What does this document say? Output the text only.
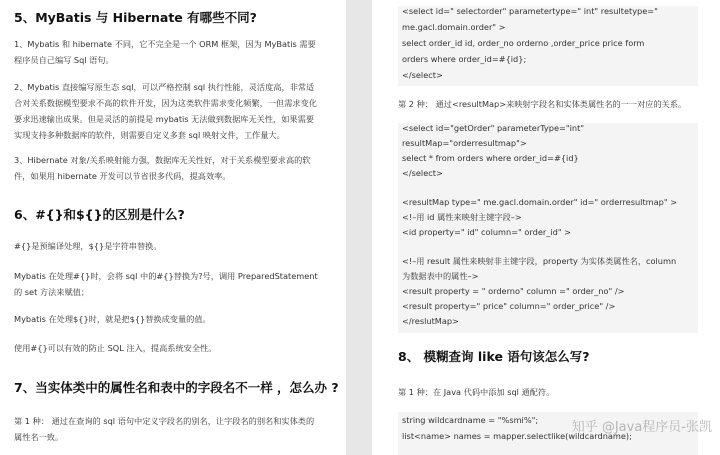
5、MyBatis 与 Hibernate 有哪些不同?
1、Mybatis 和 hibernate 不同，它不完全是一个 ORM 框架，因为 MyBatis 需要程序员自己编写 Sql 语句。
2、Mybatis 直接编写原生态 sql，可以严格控制 sql 执行性能，灵活度高，非常适合对关系数据模型要求不高的软件开发，因为这类软件需求变化频繁，一但需求变化要求迅速输出成果。但是灵活的前提是 mybatis 无法做到数据库无关性，如果需要实现支持多种数据库的软件，则需要自定义多套 sql 映射文件，工作量大。
3、Hibernate 对象/关系映射能力强，数据库无关性好，对于关系模型要求高的软件，如果用 hibernate 开发可以节省很多代码，提高效率。
6、#{}和${}的区别是什么?
#{}是预编译处理，${}是字符串替换。
Mybatis 在处理#{}时，会将 sql 中的#{}替换为?号，调用 PreparedStatement 的 set 方法来赋值；
Mybatis 在处理${}时，就是把${}替换成变量的值。
使用#{}可以有效的防止 SQL 注入，提高系统安全性。
7、当实体类中的属性名和表中的字段名不一样 ，怎么办 ?
第 1 种： 通过在查询的 sql 语句中定义字段名的别名，让字段名的别名和实体类的属性名一致。
<select id=" selectorder" parametertype=" int" resultetype="
me.gacl.domain.order" >
select order_id id, order_no orderno ,order_price price form
orders where order_id=#{id};
</select>
第 2 种： 通过<resultMap>来映射字段名和实体类属性名的一一对应的关系。
<select id="getOrder" parameterType="int"
resultMap="orderresultmap">
select * from orders where order_id=#{id}
</select>
<resultMap type=" me.gacl.domain.order" id=" orderresultmap" >
<!–用 id 属性来映射主键字段–>
<id property=" id" column=" order_id" >
<!–用 result 属性来映射非主键字段，property 为实体类属性名，column
为数据表中的属性–>
<result property = " orderno" column =" order_no" />
<result property=" price" column=" order_price" />
</reslutMap>
8、 模糊查询 like 语句该怎么写?
第 1 种：在 Java 代码中添加 sql 通配符。
string wildcardname = "%smi%";
list<name> names = mapper.selectlike(wildcardname);
知乎 @Java程序员-张凯
